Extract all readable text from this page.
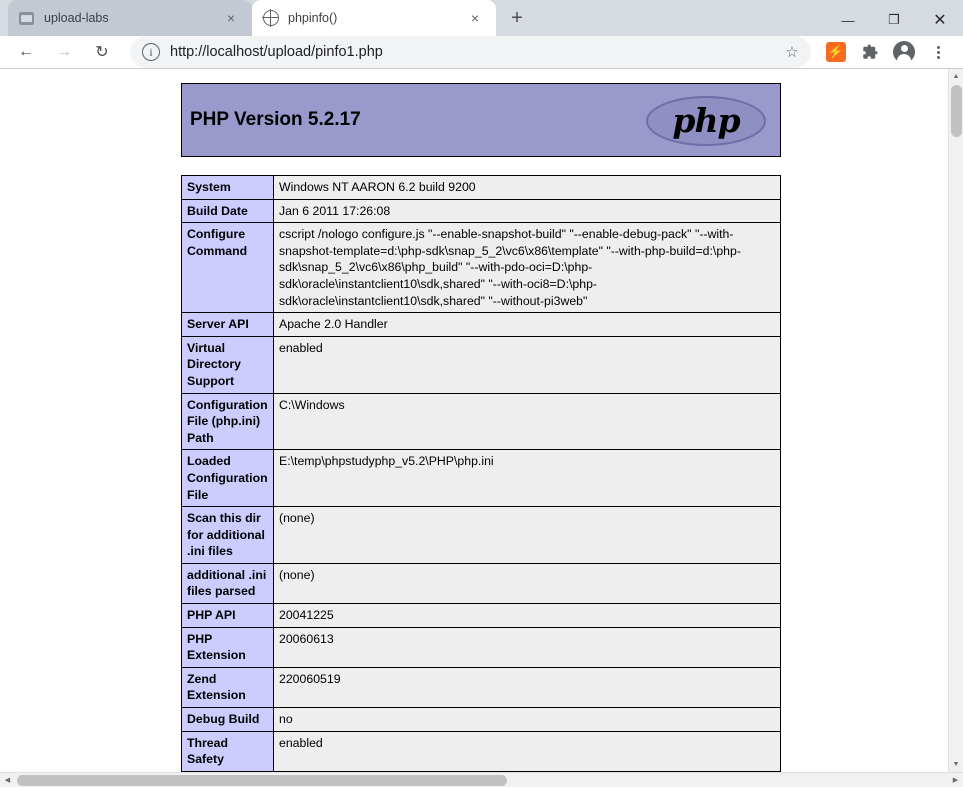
upload-labs	×	phpinfo()	×	+	—	❐	✕
←	→	↻	i	http://localhost/upload/pinfo1.php	☆	⚡
PHP Version 5.2.17	php
System	Windows NT AARON 6.2 build 9200
Build Date	Jan 6 2011 17:26:08
Configure Command	cscript /nologo configure.js "--enable-snapshot-build" "--enable-debug-pack" "--with-snapshot-template=d:\php-sdk\snap_5_2\vc6\x86\template" "--with-php-build=d:\php-sdk\snap_5_2\vc6\x86\php_build" "--with-pdo-oci=D:\php-sdk\oracle\instantclient10\sdk,shared" "--with-oci8=D:\php-sdk\oracle\instantclient10\sdk,shared" "--without-pi3web"
Server API	Apache 2.0 Handler
Virtual Directory Support	enabled
Configuration File (php.ini) Path	C:\Windows
Loaded Configuration File	E:\temp\phpstudyphp_v5.2\PHP\php.ini
Scan this dir for additional .ini files	(none)
additional .ini files parsed	(none)
PHP API	20041225
PHP Extension	20060613
Zend Extension	220060519
Debug Build	no
Thread Safety	enabled
▲
▼
◀	▶
